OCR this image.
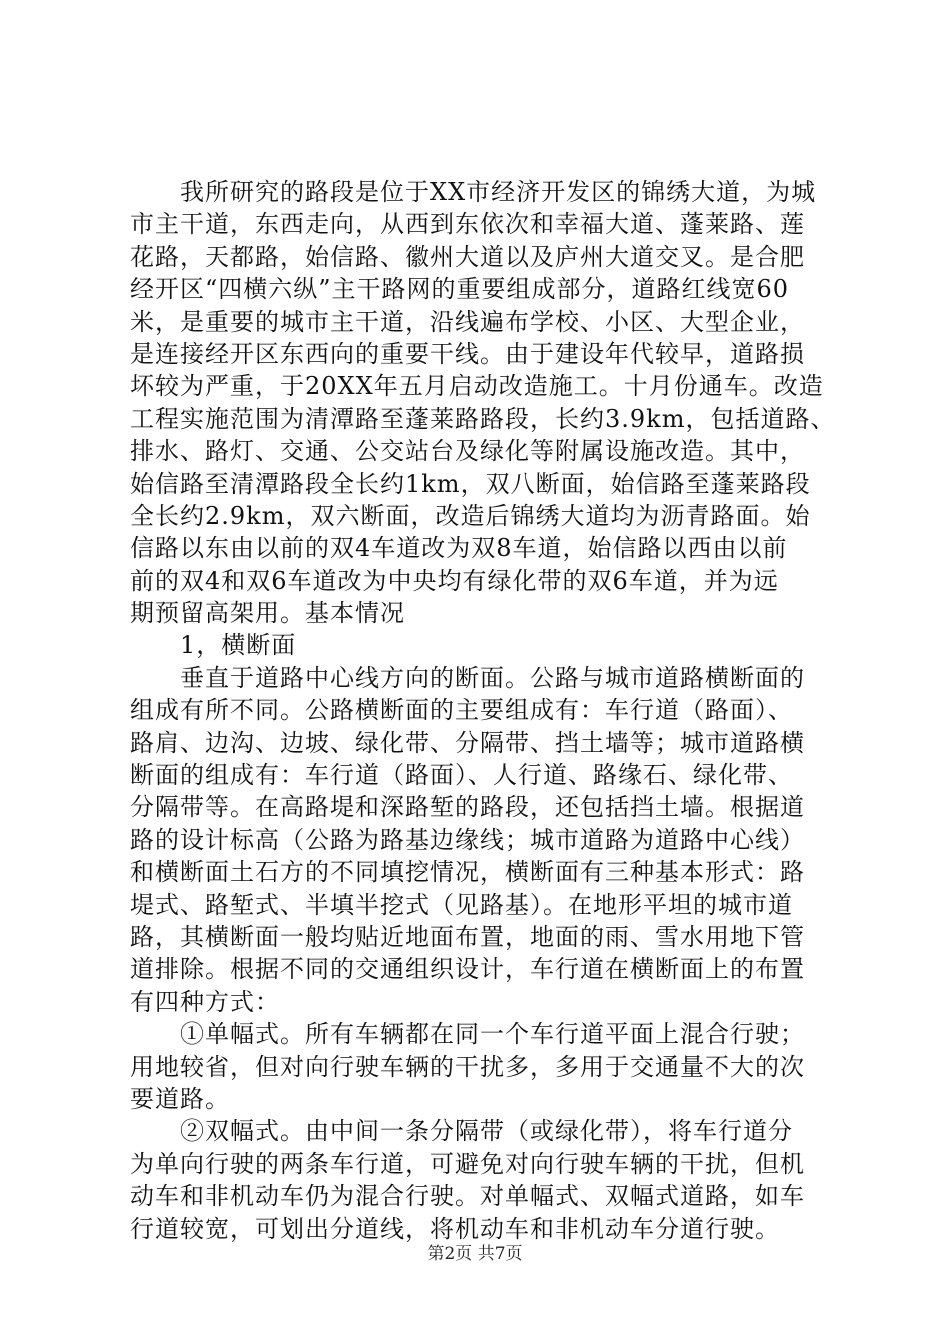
　　我所研究的路段是位于XX市经济开发区的锦绣大道，为城
市主干道，东西走向，从西到东依次和幸福大道、蓬莱路、莲
花路，天都路，始信路、徽州大道以及庐州大道交叉。是合肥
经开区“四横六纵”主干路网的重要组成部分，道路红线宽60
米，是重要的城市主干道，沿线遍布学校、小区、大型企业，
是连接经开区东西向的重要干线。由于建设年代较早，道路损
坏较为严重，于20XX年五月启动改造施工。十月份通车。改造
工程实施范围为清潭路至蓬莱路路段，长约3.9km，包括道路、
排水、路灯、交通、公交站台及绿化等附属设施改造。其中，
始信路至清潭路段全长约1km，双八断面，始信路至蓬莱路段
全长约2.9km，双六断面，改造后锦绣大道均为沥青路面。始
信路以东由以前的双4车道改为双8车道，始信路以西由以前
前的双4和双6车道改为中央均有绿化带的双6车道，并为远
期预留高架用。基本情况
　　1，横断面
　　垂直于道路中心线方向的断面。公路与城市道路横断面的
组成有所不同。公路横断面的主要组成有：车行道（路面）、
路肩、边沟、边坡、绿化带、分隔带、挡土墙等；城市道路横
断面的组成有：车行道（路面）、人行道、路缘石、绿化带、
分隔带等。在高路堤和深路堑的路段，还包括挡土墙。根据道
路的设计标高（公路为路基边缘线；城市道路为道路中心线）
和横断面土石方的不同填挖情况，横断面有三种基本形式：路
堤式、路堑式、半填半挖式（见路基）。在地形平坦的城市道
路，其横断面一般均贴近地面布置，地面的雨、雪水用地下管
道排除。根据不同的交通组织设计，车行道在横断面上的布置
有四种方式：
　　①单幅式。所有车辆都在同一个车行道平面上混合行驶；
用地较省，但对向行驶车辆的干扰多，多用于交通量不大的次
要道路。
　　②双幅式。由中间一条分隔带（或绿化带），将车行道分
为单向行驶的两条车行道，可避免对向行驶车辆的干扰，但机
动车和非机动车仍为混合行驶。对单幅式、双幅式道路，如车
行道较宽，可划出分道线，将机动车和非机动车分道行驶。
第2页 共7页
